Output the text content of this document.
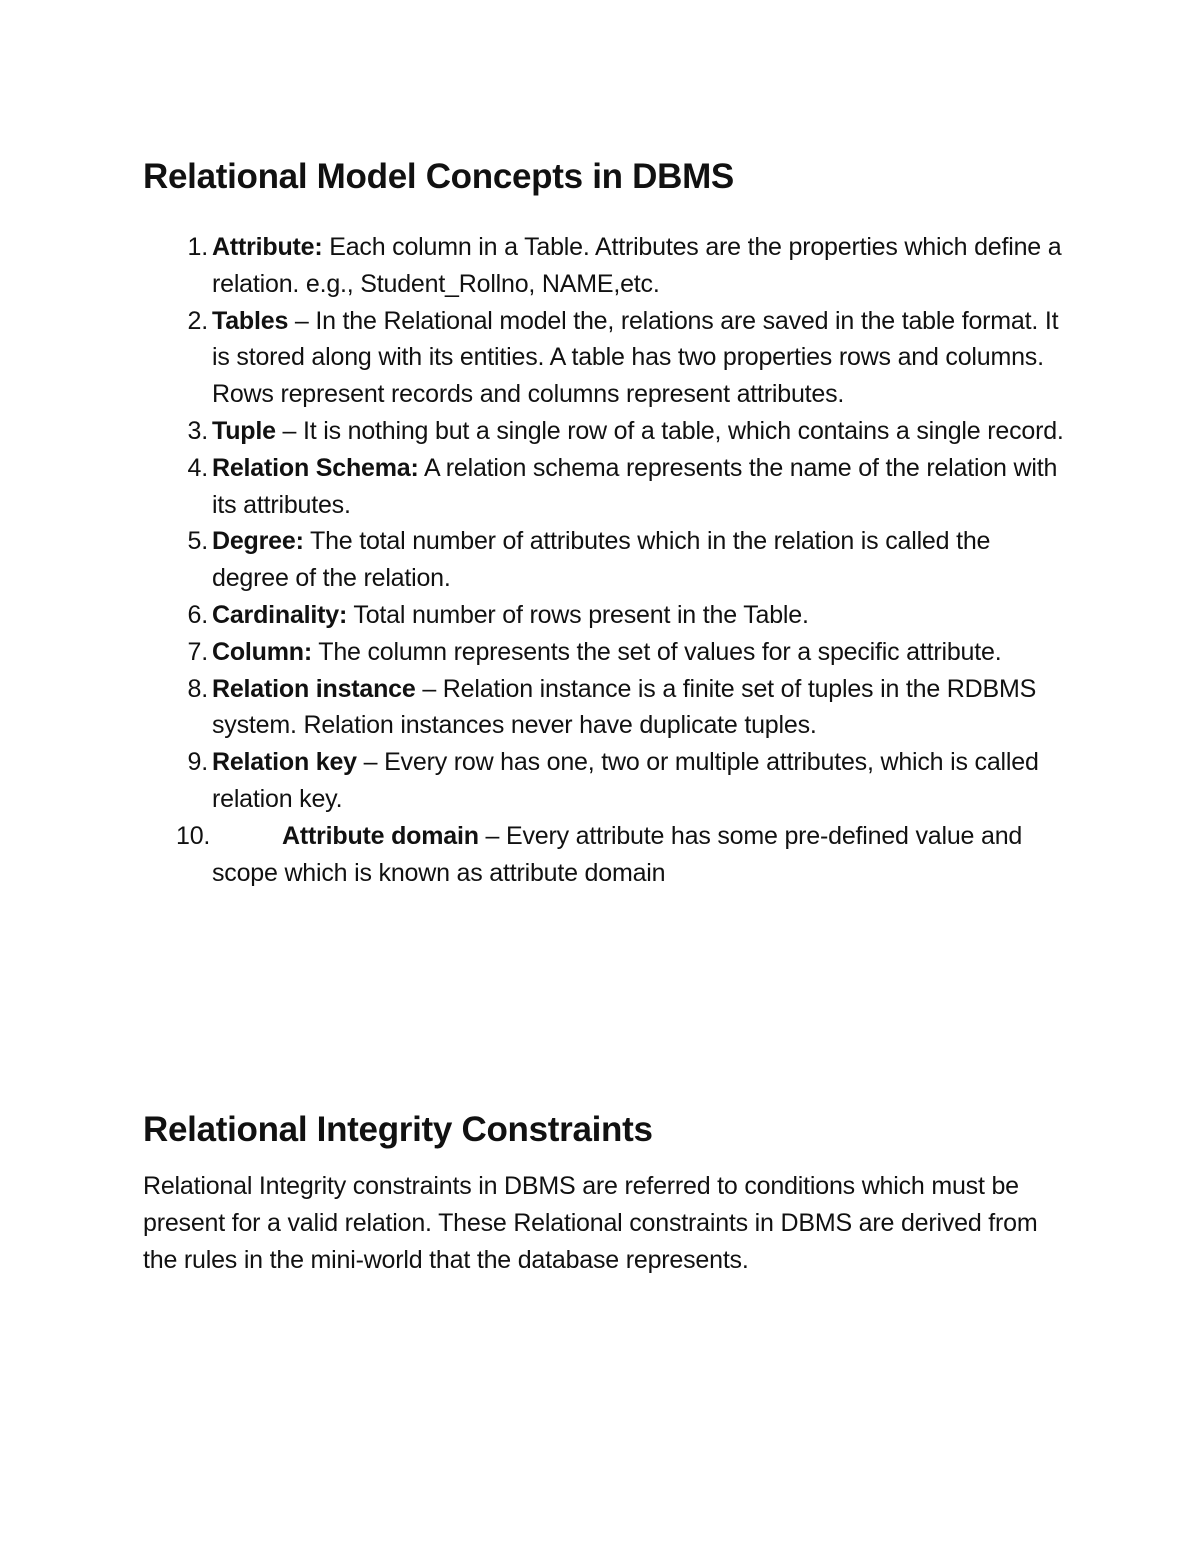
Relational Model Concepts in DBMS
1. Attribute: Each column in a Table. Attributes are the properties which define a relation. e.g., Student_Rollno, NAME,etc.
2. Tables – In the Relational model the, relations are saved in the table format. It is stored along with its entities. A table has two properties rows and columns. Rows represent records and columns represent attributes.
3. Tuple – It is nothing but a single row of a table, which contains a single record.
4. Relation Schema: A relation schema represents the name of the relation with its attributes.
5. Degree: The total number of attributes which in the relation is called the degree of the relation.
6. Cardinality: Total number of rows present in the Table.
7. Column: The column represents the set of values for a specific attribute.
8. Relation instance – Relation instance is a finite set of tuples in the RDBMS system. Relation instances never have duplicate tuples.
9. Relation key – Every row has one, two or multiple attributes, which is called relation key.
10.	Attribute domain – Every attribute has some pre-defined value and scope which is known as attribute domain
Relational Integrity Constraints

Relational Integrity constraints in DBMS are referred to conditions which must be present for a valid relation. These Relational constraints in DBMS are derived from the rules in the mini-world that the database represents.
